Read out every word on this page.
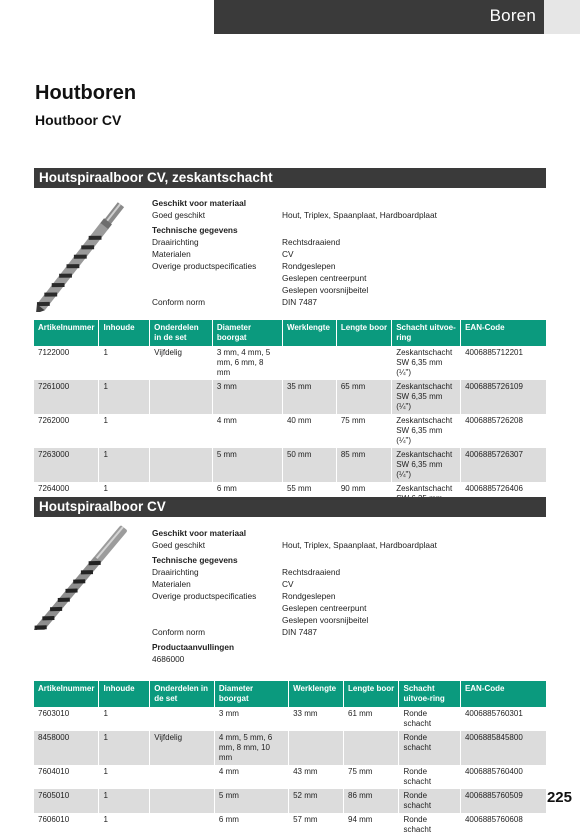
Boren
Houtboren
Houtboor CV
Houtspiraalboor CV, zeskantschacht
Geschikt voor materiaal
Goed geschikt	Hout, Triplex, Spaanplaat, Hardboardplaat
Technische gegevens
Draairichting	Rechtsdraaiend
Materialen	CV
Overige productspecificaties	Rondgeslepen
Geslepen centreerpunt
Geslepen voorsnijbeitel
Conform norm	DIN 7487
Artikelnummer	Inhoude	Onderdelen in de set	Diameter boorgat	Werklengte	Lengte boor	Schacht uitvoe-ring	EAN-Code
7122000	1	Vijfdelig	3 mm, 4 mm, 5 mm, 6 mm, 8 mm			Zeskantschacht SW 6,35 mm (¼")	4006885712201
7261000	1		3 mm	35 mm	65 mm	Zeskantschacht SW 6,35 mm (¼")	4006885726109
7262000	1		4 mm	40 mm	75 mm	Zeskantschacht SW 6,35 mm (¼")	4006885726208
7263000	1		5 mm	50 mm	85 mm	Zeskantschacht SW 6,35 mm (¼")	4006885726307
7264000	1		6 mm	55 mm	90 mm	Zeskantschacht	4006885726406
Houtspiraalboor CV
Geschikt voor materiaal
Goed geschikt	Hout, Triplex, Spaanplaat, Hardboardplaat
Technische gegevens
Draairichting	Rechtsdraaiend
Materialen	CV
Overige productspecificaties	Rondgeslepen
Geslepen centreerpunt
Geslepen voorsnijbeitel
Conform norm	DIN 7487
Productaanvullingen
4686000
Artikelnummer	Inhoude	Onderdelen in de set	Diameter boorgat	Werklengte	Lengte boor	Schacht uitvoe-ring	EAN-Code
7603010	1		3 mm	33 mm	61 mm	Ronde schacht	4006885760301
8458000	1	Vijfdelig	4 mm, 5 mm, 6 mm, 8 mm, 10 mm			Ronde schacht	4006885845800
7604010	1		4 mm	43 mm	75 mm	Ronde schacht	4006885760400
7605010	1		5 mm	52 mm	86 mm	Ronde schacht	4006885760509
7606010	1		6 mm	57 mm	94 mm	Ronde schacht	4006885760608
225
